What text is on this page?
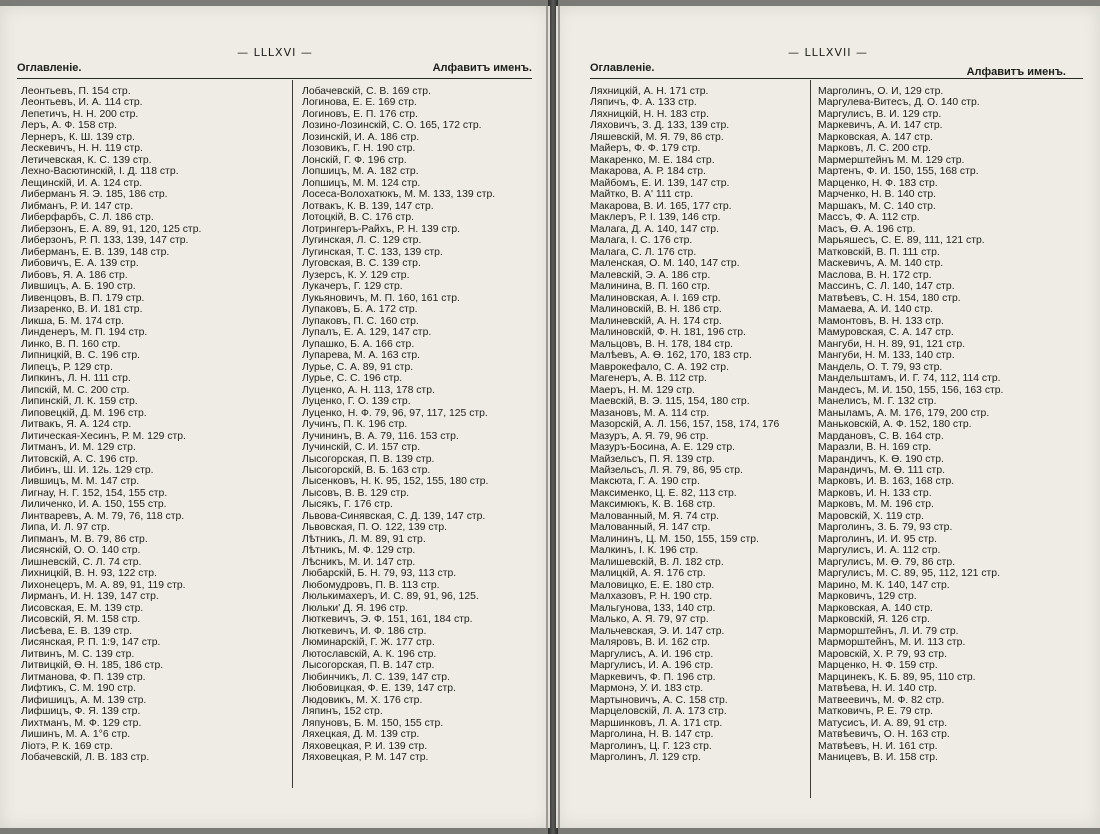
— LLLXVI —
Оглавленіе.	Алфавитъ именъ.
Леонтьевъ, П. 154 стр.
Леонтьевъ, И. А. 114 стр.
Лепетичъ, Н. Н. 200 стр.
Леръ, А. Ф. 158 стр.
Лернеръ, К. Ш. 139 стр.
Лескевичъ, Н. Н. 119 стр.
Летичевская, К. С. 139 стр.
Лехно-Васютинскій, І. Д. 118 стр.
Лещинскій, И. А. 124 стр.
Либерманъ Я. Э. 185, 186 стр.
Либманъ, Р. И. 147 стр.
Либерфарбъ, С. Л. 186 стр.
Либерзонъ, Е. А. 89, 91, 120, 125 стр.
Либерзонъ, Р. П. 133, 139, 147 стр.
Либерманъ, Е. В. 139, 148 стр.
Либовичъ, Е. А. 139 стр.
Либовъ, Я. А. 186 стр.
Лившицъ, А. Б. 190 стр.
Ливенцовъ, В. П. 179 стр.
Лизаренко, В. И. 181 стр.
Ликша, Б. М. 174 стр.
Линденеръ, М. П. 194 стр.
Линко, В. П. 160 стр.
Липницкій, В. С. 196 стр.
Липецъ, Р. 129 стр.
Липкинъ, Л. Н. 111 стр.
Липскій, М. С. 200 стр.
Липинскій, Л. К. 159 стр.
Липовецкій, Д. М. 196 стр.
Литвакъ, Я. А. 124 стр.
Литическая-Хесинъ, Р. М. 129 стр.
Литманъ, И. М. 129 стр.
Литовскій, А. С. 196 стр.
Либинъ, Ш. И. 12ь. 129 стр.
Лившицъ, М. М. 147 стр.
Лигнау, Н. Г. 152, 154, 155 стр.
Лиличенко, И. А. 150, 155 стр.
Линтваревъ, А. М. 79, 76, 118 стр.
Липа, И. Л. 97 стр.
Липманъ, М. В. 79, 86 стр.
Лисянскій, О. О. 140 стр.
Лишневскій, С. Л. 74 стр.
Лихницкій, В. Н. 93, 122 стр.
Лихонецеръ, М. А. 89, 91, 119 стр.
Лирманъ, И. Н. 139, 147 стр.
Лисовская, Е. М. 139 стр.
Лисовскій, Я. М. 158 стр.
Лисѣева, Е. В. 139 стр.
Лисянская, Р. П. 1:9, 147 стр.
Литвинъ, М. С. 139 стр.
Литвицкій, Ѳ. Н. 185, 186 стр.
Литманова, Ф. П. 139 стр.
Лифтикъ, С. М. 190 стр.
Лифишицъ, А. М. 139 стр.
Лифшицъ, Ф. Я. 139 стр.
Лихтманъ, М. Ф. 129 стр.
Лишинъ, М. А. 1°6 стр.
Ліотэ, Р. К. 169 стр.
Лобачевскій, Л. В. 183 стр.
Лобачевскій, С. В. 169 стр.
Логинова, Е. Е. 169 стр.
Логиновъ, Е. П. 176 стр.
Лозино-Лозинскій, С. О. 165, 172 стр.
Лозинскій, И. А. 186 стр.
Лозовикъ, Г. Н. 190 стр.
Лонскій, Г. Ф. 196 стр.
Лопшицъ, М. А. 182 стр.
Лопшицъ, М. М. 124 стр.
Лосеса-Волохатюкъ, М. М. 133, 139 стр.
Лотвакъ, К. В. 139, 147 стр.
Лотоцкій, В. С. 176 стр.
Лотрингеръ-Райхъ, Р. Н. 139 стр.
Лугинская, Л. С. 129 стр.
Лугинская, Т. С. 133, 139 стр.
Луговская, В. С. 139 стр.
Лузерсъ, К. У. 129 стр.
Лукачеръ, Г. 129 стр.
Лукьяновичъ, М. П. 160, 161 стр.
Лупаковъ, Б. А. 172 стр.
Лупаковъ, П. С. 160 стр.
Лупалъ, Е. А. 129, 147 стр.
Лупашко, Б. А. 166 стр.
Лупарева, М. А. 163 стр.
Лурье, С. А. 89, 91 стр.
Лурье, С. С. 196 стр.
Луценко, А. Н. 113, 178 стр.
Луценко, Г. О. 139 стр.
Луценко, Н. Ф. 79, 96, 97, 117, 125 стр.
Лучинъ, П. К. 196 стр.
Лучининъ, В. А. 79, 116. 153 стр.
Лучинскій, С. И. 157 стр.
Лысогорская, П. В. 139 стр.
Лысогорскій, В. Б. 163 стр.
Лысенковъ, Н. К. 95, 152, 155, 180 стр.
Лысовъ, В. В. 129 стр.
Лысякъ, Г. 176 стр.
Львова-Синявская, С. Д. 139, 147 стр.
Львовская, П. О. 122, 139 стр.
Лѣтникъ, Л. М. 89, 91 стр.
Лѣтникъ, М. Ф. 129 стр.
Лѣсникъ, М. И. 147 стр.
Любарскій, Б. Н. 79, 93, 113 стр.
Любомудровъ, П. В. 113 стр.
Люлькимахеръ, И. С. 89, 91, 96, 125.
Люльки' Д. Я. 196 стр.
Люткевичъ, Э. Ф. 151, 161, 184 стр.
Люткевичъ, И. Ф. 186 стр.
Люминарскій, Г. Ж. 177 стр.
Лютославскій, А. К. 196 стр.
Лысогорская, П. В. 147 стр.
Любинчикъ, Л. С. 139, 147 стр.
Любовицкая, Ф. Е. 139, 147 стр.
Людовикъ, М. Х. 176 стр.
Ляпинъ, 152 стр.
Ляпуновъ, Б. М. 150, 155 стр.
Ляхецкая, Д. М. 139 стр.
Ляховецкая, Р. И. 139 стр.
Ляховецкая, Р. М. 147 стр.
— LLLXVII —
Оглавленіе.	Алфавитъ именъ.
Ляхницкій, А. Н. 171 стр.
Ляпичъ, Ф. А. 133 стр.
Ляхницкій, Н. Н. 183 стр.
Ляховичъ, З. Д. 133, 139 стр.
Ляшевскій, М. Я. 79, 86 стр.
Майеръ, Ф. Ф. 179 стр.
Макаренко, М. Е. 184 стр.
Макарова, А. Р. 184 стр.
Майбомъ, Е. И. 139, 147 стр.
Майтко, В. А' 111 стр.
Макарова, В. И. 165, 177 стр.
Маклеръ, Р. І. 139, 146 стр.
Малага, Д. А. 140, 147 стр.
Малага, І. С. 176 стр.
Малага, С. Л. 176 стр.
Маленская, О. М. 140, 147 стр.
Малевскій, Э. А. 186 стр.
Малинина, В. П. 160 стр.
Малиновская, А. І. 169 стр.
Малиновскій, В. Н. 186 стр.
Малиневскій, А. Н. 174 стр.
Малиновскій, Ф. Н. 181, 196 стр.
Мальцовъ, В. Н. 178, 184 стр.
Малѣевъ, А. Ѳ. 162, 170, 183 стр.
Маврокефало, С. А. 192 стр.
Магенеръ, А. В. 112 стр.
Маеръ, Н. М. 129 стр.
Маевскій, В. Э. 115, 154, 180 стр.
Мазановъ, М. А. 114 стр.
Мазорскій, А. Л. 156, 157, 158, 174, 176
Мазуръ, А. Я. 79, 96 стр.
Мазуръ-Босина, А. Е. 129 стр.
Майзельсъ, П. Я. 139 стр.
Майзельсъ, Л. Я. 79, 86, 95 стр.
Максюта, Г. А. 190 стр.
Максименко, Ц. Е. 82, 113 стр.
Максимюкъ, К. В. 168 стр.
Малованный, М. Я. 74 стр.
Малованный, Я. 147 стр.
Малининъ, Ц. М. 150, 155, 159 стр.
Малкинъ, І. К. 196 стр.
Малишевскій, В. Л. 182 стр.
Малицкій, А. Я. 176 стр.
Маловицко, Е. Е. 180 стр.
Малхазовъ, Р. Н. 190 стр.
Мальгунова, 133, 140 стр.
Малько, А. Я. 79, 97 стр.
Мальчевская, Э. И. 147 стр.
Маляровъ, В. И. 162 стр.
Маргулисъ, А. И. 196 стр.
Маргулисъ, И. А. 196 стр.
Маркевичъ, Ф. П. 196 стр.
Мармонэ, У. И. 183 стр.
Мартыновичъ, А. С. 158 стр.
Марцеловскій, Л. А. 173 стр.
Маршинковъ, Л. А. 171 стр.
Марголина, Н. В. 147 стр.
Марголинъ, Ц. Г. 123 стр.
Марголинъ, Л. 129 стр.
Марголинъ, О. И, 129 стр.
Маргулева-Витесъ, Д. О. 140 стр.
Маргулисъ, В. И. 129 стр.
Маркевичъ, А. И. 147 стр.
Марковская, А. 147 стр.
Марковъ, Л. С. 200 стр.
Мармерштейнъ М. М. 129 стр.
Мартенъ, Ф. И. 150, 155, 168 стр.
Марценко, Н. Ф. 183 стр.
Марченко, Н. В. 140 стр.
Маршакъ, М. С. 140 стр.
Массъ, Ф. А. 112 стр.
Масъ, Ѳ. А. 196 стр.
Марьяшесъ, С. Е. 89, 111, 121 стр.
Матковскій, В. П. 111 стр.
Маскевичъ, А. М. 140 стр.
Маслова, В. Н. 172 стр.
Массинъ, С. Л. 140, 147 стр.
Матвѣевъ, С. Н. 154, 180 стр.
Мамаева, А. И. 140 стр.
Мамонтовъ, В. Н. 133 стр.
Мамуровская, С. А. 147 стр.
Мангуби, Н. Н. 89, 91, 121 стр.
Мангуби, Н. М. 133, 140 стр.
Мандель, О. Т. 79, 93 стр.
Мандельштамъ, И. Г. 74, 112, 114 стр.
Мандесъ, М. И. 150, 155, 156, 163 стр.
Манелисъ, М. Г. 132 стр.
Маныламъ, А. М. 176, 179, 200 стр.
Маньковскій, А. Ф. 152, 180 стр.
Мардановъ, С. В. 164 стр.
Маразли, В. Н. 169 стр.
Марандичъ, К. Ѳ. 190 стр.
Марандичъ, М. Ѳ. 111 стр.
Марковъ, И. В. 163, 168 стр.
Марковъ, И. Н. 133 стр.
Марковъ, М. М. 196 стр.
Маровскій, Х. 119 стр.
Марголинъ, З. Б. 79, 93 стр.
Марголинъ, И. И. 95 стр.
Маргулисъ, И. А. 112 стр.
Маргулисъ, М. Ѳ. 79, 86 стр.
Маргулисъ, М. С. 89, 95, 112, 121 стр.
Марино, М. К. 140, 147 стр.
Марковичъ, 129 стр.
Марковская, А. 140 стр.
Марковскій, Я. 126 стр.
Марморштейнъ, Л. И. 79 стр.
Марморштейнъ, М. И. 113 стр.
Маровскій, Х. Р. 79, 93 стр.
Марценко, Н. Ф. 159 стр.
Марцинекъ, К. Б. 89, 95, 110 стр.
Матвѣева, Н. И. 140 стр.
Матвеевичъ, М. Ф. 82 стр.
Матковичъ, Р. Е. 79 стр.
Матусисъ, И. А. 89, 91 стр.
Матвѣевичъ, О. Н. 163 стр.
Матвѣевъ, Н. И. 161 стр.
Маницевъ, В. И. 158 стр.
